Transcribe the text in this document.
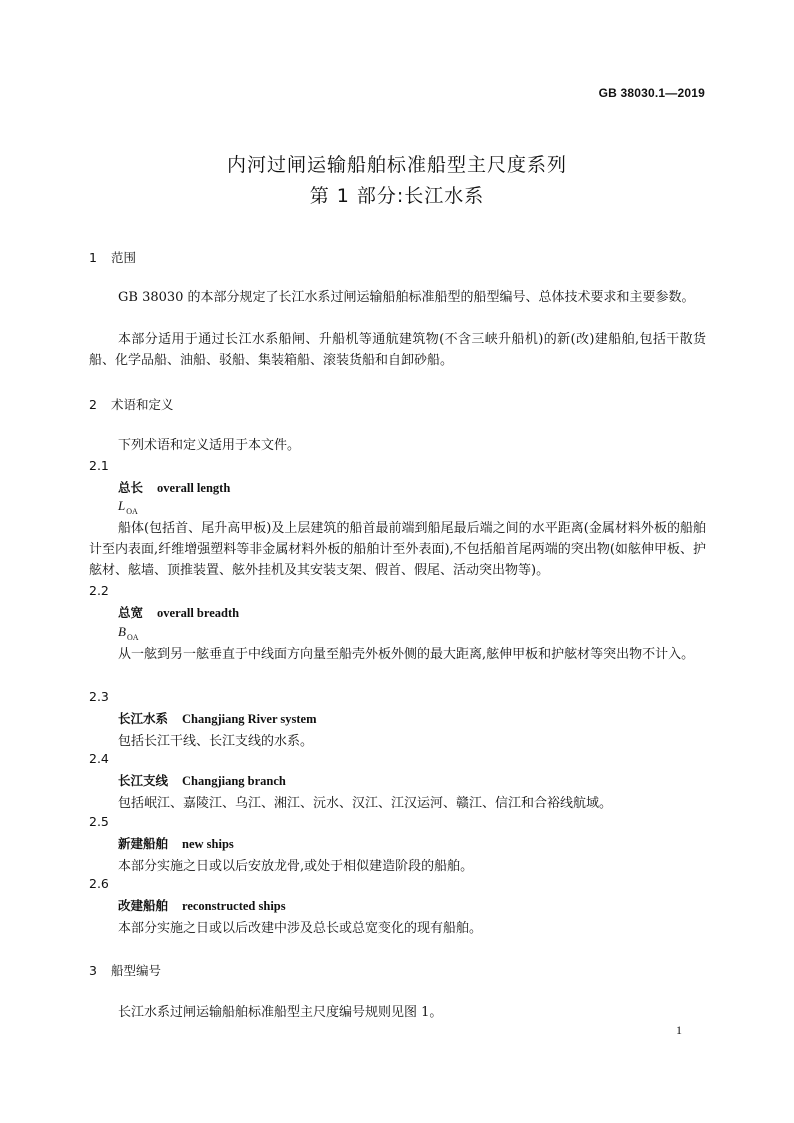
GB 38030.1—2019
内河过闸运输船舶标准船型主尺度系列
第 1 部分:长江水系
1 范围
GB 38030 的本部分规定了长江水系过闸运输船舶标准船型的船型编号、总体技术要求和主要参数。
本部分适用于通过长江水系船闸、升船机等通航建筑物(不含三峡升船机)的新(改)建船舶,包括干散货船、化学品船、油船、驳船、集装箱船、滚装货船和自卸砂船。
2 术语和定义
下列术语和定义适用于本文件。
2.1
总长 overall length
$L_{OA}$
船体(包括首、尾升高甲板)及上层建筑的船首最前端到船尾最后端之间的水平距离(金属材料外板的船舶计至内表面,纤维增强塑料等非金属材料外板的船舶计至外表面),不包括船首尾两端的突出物(如舷伸甲板、护舷材、舷墙、顶推装置、舷外挂机及其安装支架、假首、假尾、活动突出物等)。
2.2
总宽 overall breadth
$B_{OA}$
从一舷到另一舷垂直于中线面方向量至船壳外板外侧的最大距离,舷伸甲板和护舷材等突出物不计入。
2.3
长江水系 Changjiang River system
包括长江干线、长江支线的水系。
2.4
长江支线 Changjiang branch
包括岷江、嘉陵江、乌江、湘江、沅水、汉江、江汉运河、赣江、信江和合裕线航域。
2.5
新建船舶 new ships
本部分实施之日或以后安放龙骨,或处于相似建造阶段的船舶。
2.6
改建船舶 reconstructed ships
本部分实施之日或以后改建中涉及总长或总宽变化的现有船舶。
3 船型编号
长江水系过闸运输船舶标准船型主尺度编号规则见图 1。
1
